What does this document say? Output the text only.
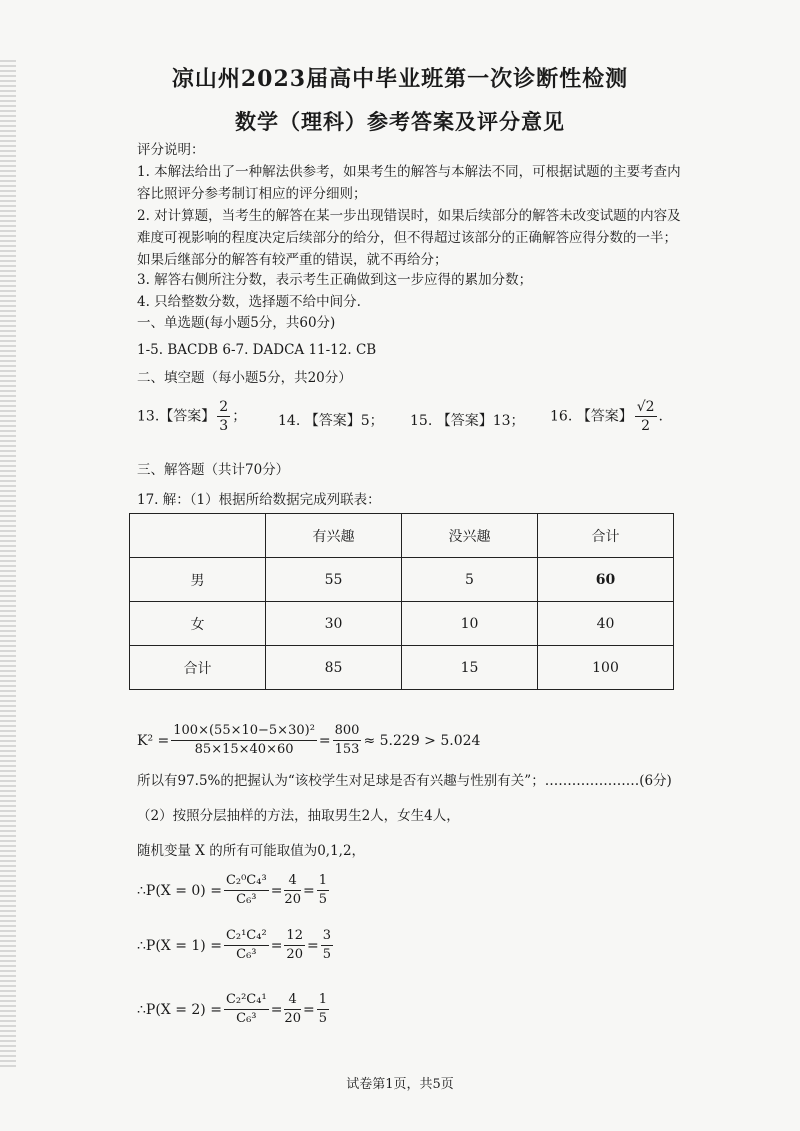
凉山州2023届高中毕业班第一次诊断性检测
数学（理科）参考答案及评分意见
评分说明：
1. 本解法给出了一种解法供参考，如果考生的解答与本解法不同，可根据试题的主要考查内容比照评分参考制订相应的评分细则；
2. 对计算题，当考生的解答在某一步出现错误时，如果后续部分的解答未改变试题的内容及难度可视影响的程度决定后续部分的给分，但不得超过该部分的正确解答应得分数的一半；如果后继部分的解答有较严重的错误，就不再给分；
3. 解答右侧所注分数，表示考生正确做到这一步应得的累加分数；
4. 只给整数分数，选择题不给中间分.
一、单选题(每小题5分，共60分)
1-5. BACDB 6-7. DADCA 11-12. CB
二、填空题（每小题5分，共20分）
13.【答案】 $\frac{2}{3}$ ； 14. 【答案】5； 15. 【答案】13； 16. 【答案】 $\frac{√2}{2}$ .
三、解答题（共计70分）
17. 解：（1）根据所给数据完成列联表：
	有兴趣	没兴趣	合计
男	55	5	60
女	30	10	40
合计	85	15	100
$K^2 = \frac{\text{100×(55×10−5×30)²}}{85\times 15\times 40\times 60} = \frac{800}{153} \approx 5.229 > 5.024$
所以有97.5%的把握认为“该校学生对足球是否有兴趣与性别有关”；…………………(6分)
（2）按照分层抽样的方法，抽取男生2人，女生4人，
随机变量 X 的所有可能取值为0,1,2，
∴P(X = $0) = \frac{\text{C₂⁰C₄³}}{\text{C₆³}} = \frac{4}{20} = \frac{1}{5}$
∴P(X = $1) = \frac{\text{C₂¹C₄²}}{\text{C₆³}} = \frac{12}{20} = \frac{3}{5}$
∴P(X = $2) = \frac{\text{C₂²C₄¹}}{\text{C₆³}} = \frac{4}{20} = \frac{1}{5}$
试卷第1页，共5页
